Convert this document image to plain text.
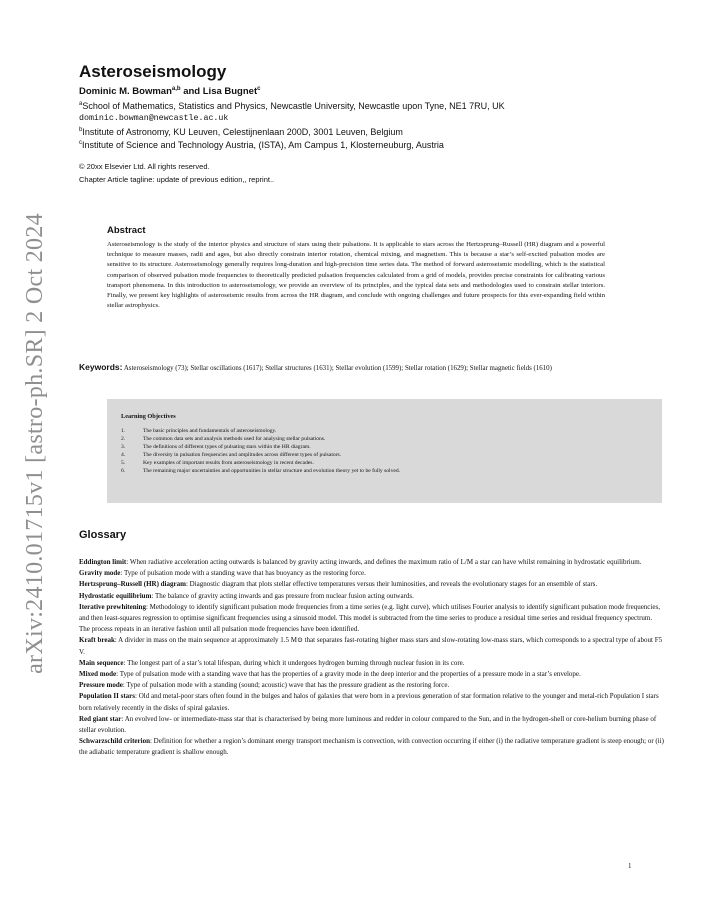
arXiv:2410.01715v1 [astro-ph.SR] 2 Oct 2024
Asteroseismology
Dominic M. Bowman$^{a,b}$ and Lisa Bugnet$^c$
$^a$School of Mathematics, Statistics and Physics, Newcastle University, Newcastle upon Tyne, NE1 7RU, UK
dominic.bowman@newcastle.ac.uk
$^b$Institute of Astronomy, KU Leuven, Celestijnenlaan 200D, 3001 Leuven, Belgium
$^c$Institute of Science and Technology Austria, (ISTA), Am Campus 1, Klosterneuburg, Austria
© 20xx Elsevier Ltd. All rights reserved.
Chapter Article tagline: update of previous edition,, reprint..
Abstract

Asteroseismology is the study of the interior physics and structure of stars using their pulsations. It is applicable to stars across the Hertzsprung–Russell (HR) diagram and a powerful technique to measure masses, radii and ages, but also directly constrain interior rotation, chemical mixing, and magnetism. This is because a star’s self-excited pulsation modes are sensitive to its structure. Asteroseismology generally requires long-duration and high-precision time series data. The method of forward asteroseismic modelling, which is the statistical comparison of observed pulsation mode frequencies to theoretically predicted pulsation frequencies calculated from a grid of models, provides precise constraints for calibrating various transport phenomena. In this introduction to asteroseismology, we provide an overview of its principles, and the typical data sets and methodologies used to constrain stellar interiors. Finally, we present key highlights of asteroseismic results from across the HR diagram, and conclude with ongoing challenges and future prospects for this ever-expanding field within stellar astrophysics.

Keywords: Asteroseismology (73); Stellar oscillations (1617); Stellar structures (1631); Stellar evolution (1599); Stellar rotation (1629); Stellar magnetic fields (1610)

Learning Objectives
1.	The basic principles and fundamentals of asteroseismology.
2.	The common data sets and analysis methods used for analysing stellar pulsations.
3.	The definitions of different types of pulsating stars within the HR diagram.
4.	The diversity in pulsation frequencies and amplitudes across different types of pulsators.
5.	Key examples of important results from asteroseismology in recent decades.
6.	The remaining major uncertainties and opportunities in stellar structure and evolution theory yet to be fully solved.
Glossary

Eddington limit: When radiative acceleration acting outwards is balanced by gravity acting inwards, and defines the maximum ratio of L/M a star can have whilst remaining in hydrostatic equilibrium.

Gravity mode: Type of pulsation mode with a standing wave that has buoyancy as the restoring force.

Hertzsprung–Russell (HR) diagram: Diagnostic diagram that plots stellar effective temperatures versus their luminosities, and reveals the evolutionary stages for an ensemble of stars.

Hydrostatic equilibrium: The balance of gravity acting inwards and gas pressure from nuclear fusion acting outwards.

Iterative prewhitening: Methodology to identify significant pulsation mode frequencies from a time series (e.g. light curve), which utilises Fourier analysis to identify significant pulsation mode frequencies, and then least-squares regression to optimise significant frequencies using a sinusoid model. This model is subtracted from the time series to produce a residual time series and residual frequency spectrum. The process repeats in an iterative fashion until all pulsation mode frequencies have been identified.

Kraft break: A divider in mass on the main sequence at approximately 1.5 M⊙ that separates fast-rotating higher mass stars and slow-rotating low-mass stars, which corresponds to a spectral type of about F5 V.

Main sequence: The longest part of a star’s total lifespan, during which it undergoes hydrogen burning through nuclear fusion in its core.

Mixed mode: Type of pulsation mode with a standing wave that has the properties of a gravity mode in the deep interior and the properties of a pressure mode in a star’s envelope.

Pressure mode: Type of pulsation mode with a standing (sound; acoustic) wave that has the pressure gradient as the restoring force.

Population II stars: Old and metal-poor stars often found in the bulges and halos of galaxies that were born in a previous generation of star formation relative to the younger and metal-rich Population I stars born relatively recently in the disks of spiral galaxies.

Red giant star: An evolved low- or intermediate-mass star that is characterised by being more luminous and redder in colour compared to the Sun, and in the hydrogen-shell or core-helium burning phase of stellar evolution.

Schwarzschild criterion: Definition for whether a region’s dominant energy transport mechanism is convection, with convection occurring if either (i) the radiative temperature gradient is steep enough; or (ii) the adiabatic temperature gradient is shallow enough.

1
